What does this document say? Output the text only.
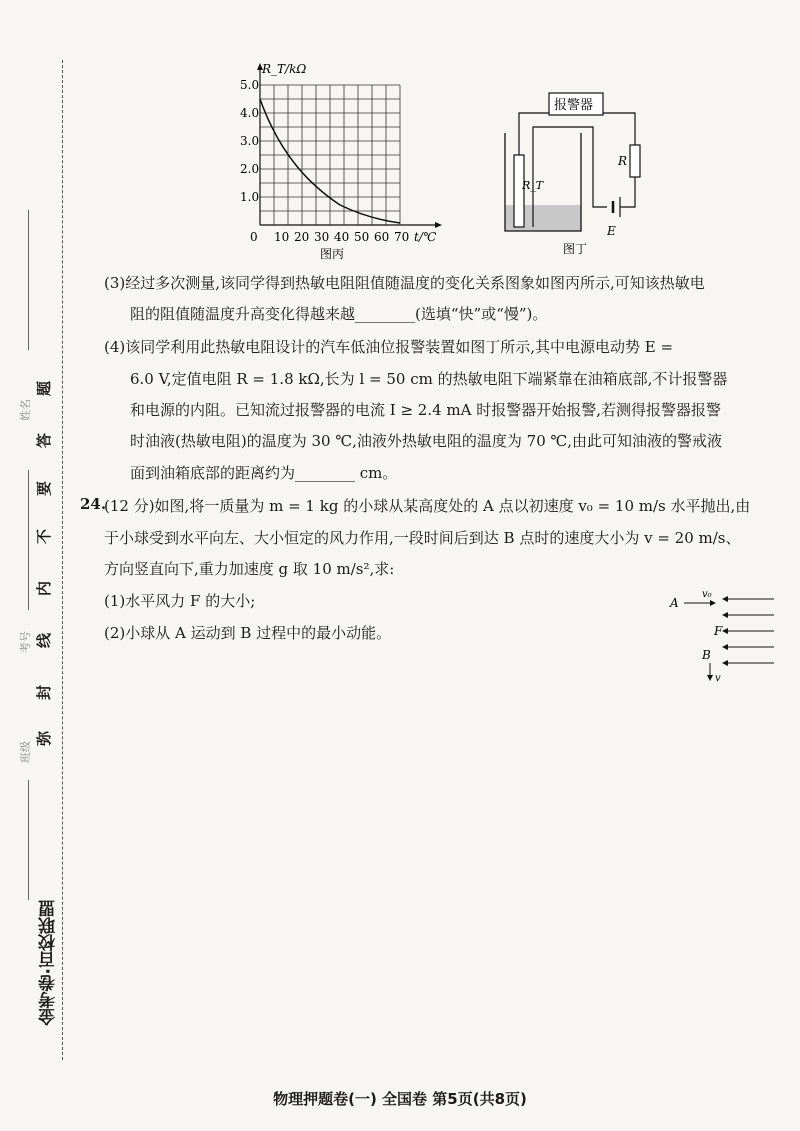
姓名
考号
班级
题
答
要
不
内
线
封
弥
金考卷·百校联盟
R_T/kΩ
5.0
4.0
3.0
2.0
1.0
0 10 20 30 40 50 60 70 t/℃
图丙
R_T
报警器
R
E
图丁

(3)经过多次测量,该同学得到热敏电阻阻值随温度的变化关系图象如图丙所示,可知该热敏电

阻的阻值随温度升高变化得越来越________(选填“快”或“慢”)。

(4)该同学利用此热敏电阻设计的汽车低油位报警装置如图丁所示,其中电源电动势 E =

6.0 V,定值电阻 R = 1.8 kΩ,长为 l = 50 cm 的热敏电阻下端紧靠在油箱底部,不计报警器

和电源的内阻。已知流过报警器的电流 I ≥ 2.4 mA 时报警器开始报警,若测得报警器报警

时油液(热敏电阻)的温度为 30 ℃,油液外热敏电阻的温度为 70 ℃,由此可知油液的警戒液

面到油箱底部的距离约为________ cm。

24.

(12 分)如图,将一质量为 m = 1 kg 的小球从某高度处的 A 点以初速度 v₀ = 10 m/s 水平抛出,由

于小球受到水平向左、大小恒定的风力作用,一段时间后到达 B 点时的速度大小为 v = 20 m/s、

方向竖直向下,重力加速度 g 取 10 m/s²,求:

(1)水平风力 F 的大小;

(2)小球从 A 运动到 B 过程中的最小动能。

A
v₀
F
B
v
物理押题卷(一) 全国卷 第5页(共8页)
